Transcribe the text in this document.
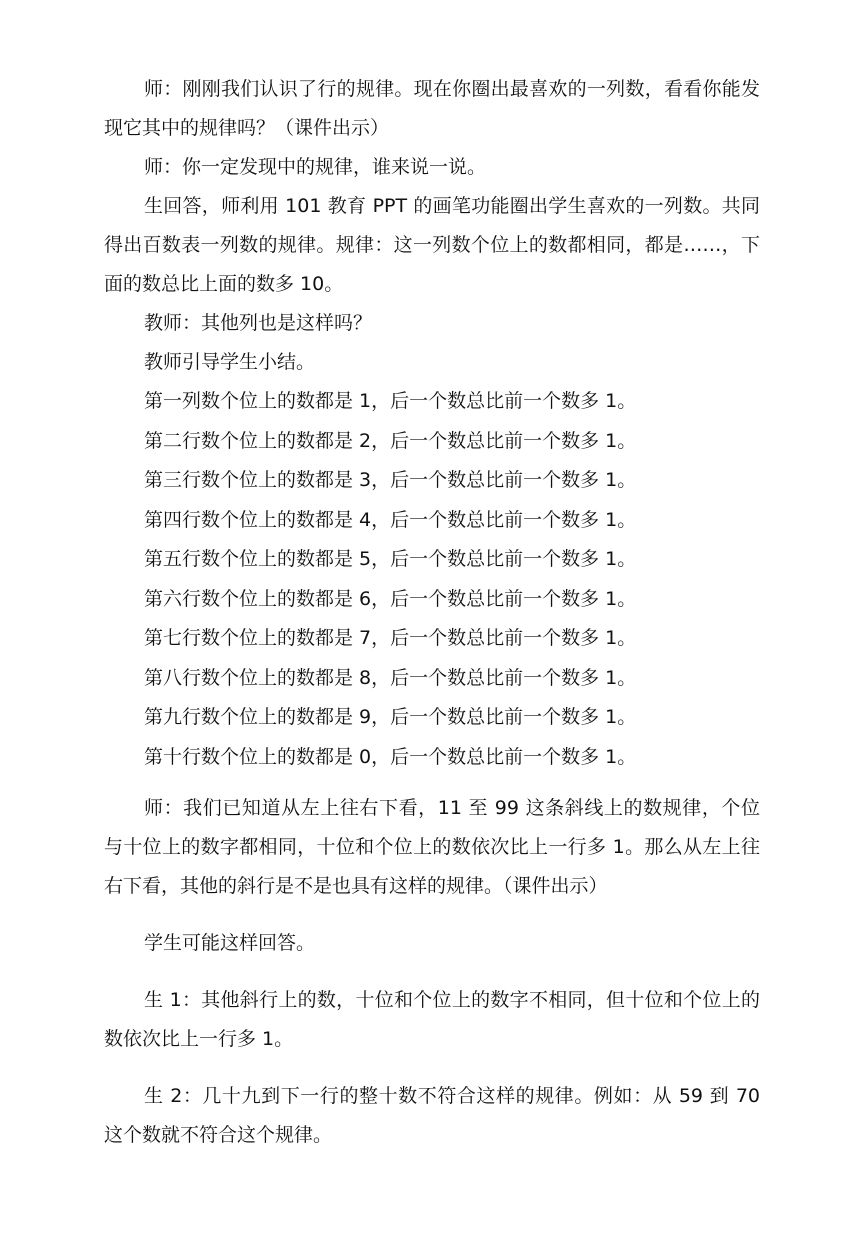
师：刚刚我们认识了行的规律。现在你圈出最喜欢的一列数，看看你能发现它其中的规律吗？（课件出示）

师：你一定发现中的规律，谁来说一说。

生回答，师利用 101 教育 PPT 的画笔功能圈出学生喜欢的一列数。共同得出百数表一列数的规律。规律：这一列数个位上的数都相同，都是……，下面的数总比上面的数多 10。

教师：其他列也是这样吗？

教师引导学生小结。

第一列数个位上的数都是 1，后一个数总比前一个数多 1。

第二行数个位上的数都是 2，后一个数总比前一个数多 1。

第三行数个位上的数都是 3，后一个数总比前一个数多 1。

第四行数个位上的数都是 4，后一个数总比前一个数多 1。

第五行数个位上的数都是 5，后一个数总比前一个数多 1。

第六行数个位上的数都是 6，后一个数总比前一个数多 1。

第七行数个位上的数都是 7，后一个数总比前一个数多 1。

第八行数个位上的数都是 8，后一个数总比前一个数多 1。

第九行数个位上的数都是 9，后一个数总比前一个数多 1。

第十行数个位上的数都是 0，后一个数总比前一个数多 1。

师：我们已知道从左上往右下看，11 至 99 这条斜线上的数规律，个位与十位上的数字都相同，十位和个位上的数依次比上一行多 1。那么从左上往右下看，其他的斜行是不是也具有这样的规律。（课件出示）

学生可能这样回答。

生 1：其他斜行上的数，十位和个位上的数字不相同，但十位和个位上的数依次比上一行多 1。

生 2：几十九到下一行的整十数不符合这样的规律。例如：从 59 到 70 这个数就不符合这个规律。
